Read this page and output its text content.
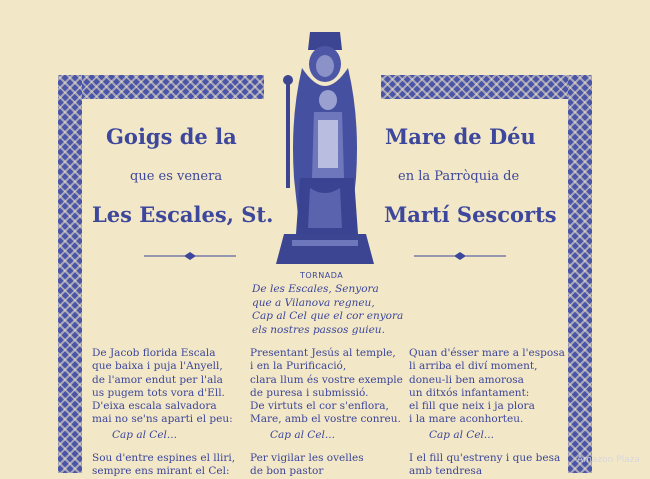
Goigs de la	Mare de Déu
que es venera	en la Parròquia de
Les Escales, St.	Martí Sescorts
TORNADA
De les Escales, Senyora
que a Vilanova regneu,
Cap al Cel que el cor enyora
els nostres passos guieu.
De Jacob florida Escala
que baixa i puja l'Anyell,
de l'amor endut per l'ala
us pugem tots vora d'Ell.
D'eixa escala salvadora
mai no se'ns aparti el peu:
Cap al Cel...
Sou d'entre espines el lliri,
sempre ens mirant el Cel:
Presentant Jesús al temple,
i en la Purificació,
clara llum és vostre exemple
de puresa i submissió.
De virtuts el cor s'enflora,
Mare, amb el vostre conreu.
Cap al Cel...
Per vigilar les ovelles
de bon pastor
Quan d'ésser mare a l'esposa
li arriba el diví moment,
doneu-li ben amorosa
un ditxós infantament:
el fill que neix i ja plora
i la mare aconhorteu.
Cap al Cel...
I el fill qu'estreny i que besa
amb tendresa
Amazon Plaza
